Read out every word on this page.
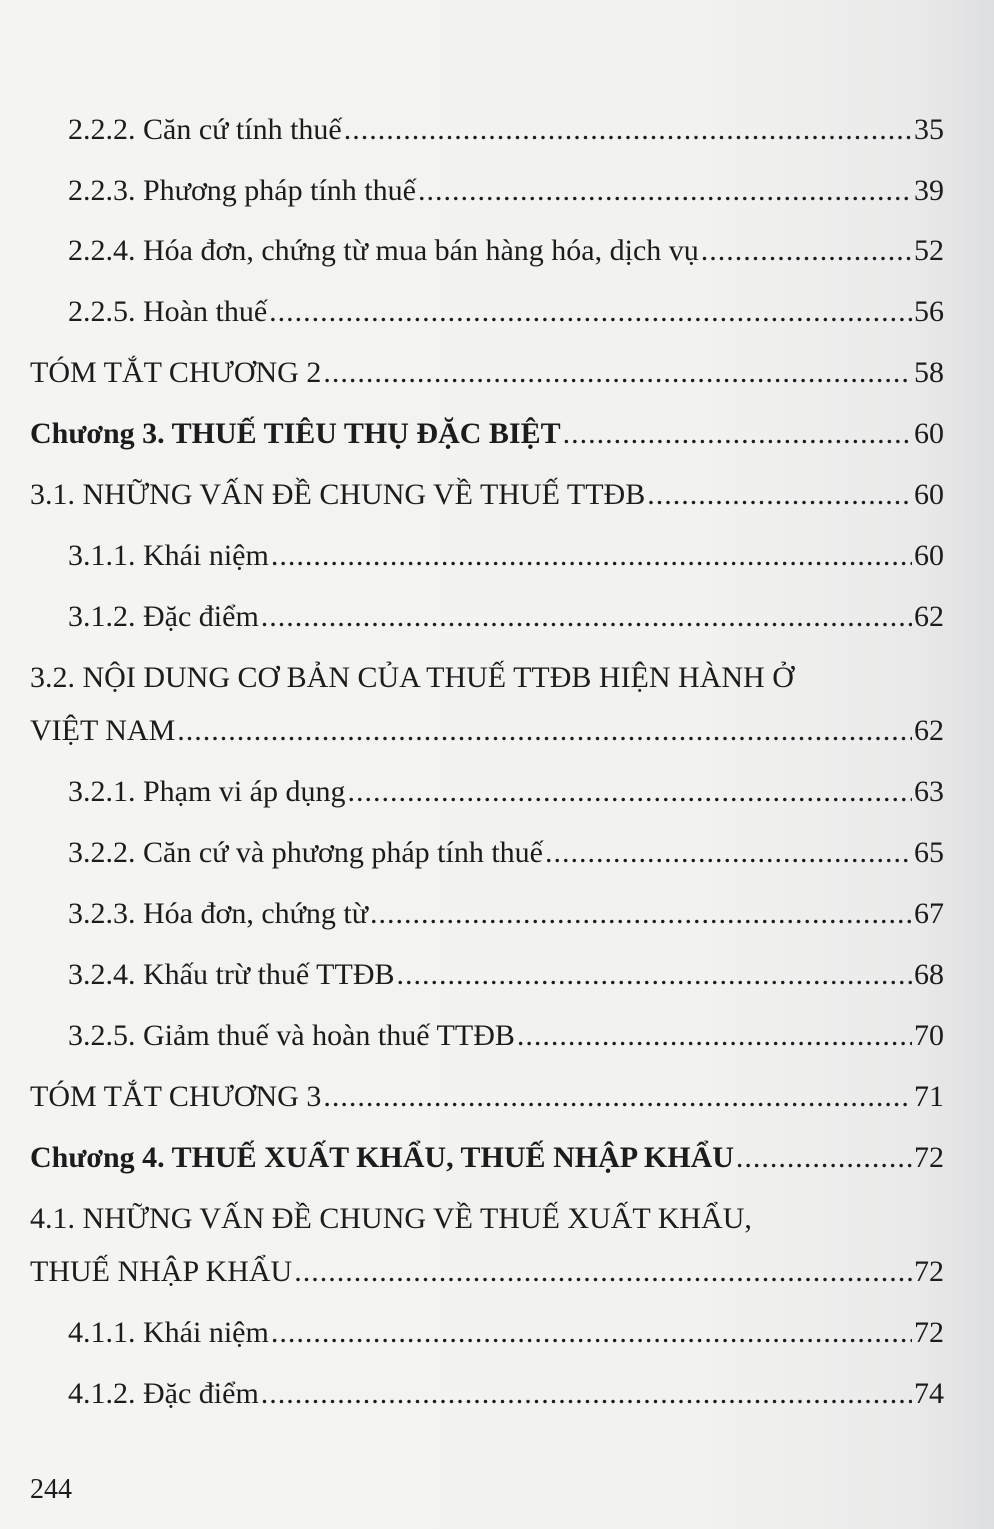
2.2.2. Căn cứ tính thuế .....	35
2.2.3. Phương pháp tính thuế .....	39
2.2.4. Hóa đơn, chứng từ mua bán hàng hóa, dịch vụ .....	52
2.2.5. Hoàn thuế .....	56
TÓM TẮT CHƯƠNG 2 .....	58
Chương 3. THUẾ TIÊU THỤ ĐẶC BIỆT .....	60
3.1. NHỮNG VẤN ĐỀ CHUNG VỀ THUẾ TTĐB .....	60
3.1.1. Khái niệm .....	60
3.1.2. Đặc điểm .....	62
3.2. NỘI DUNG CƠ BẢN CỦA THUẾ TTĐB HIỆN HÀNH Ở
VIỆT NAM .....	62
3.2.1. Phạm vi áp dụng .....	63
3.2.2. Căn cứ và phương pháp tính thuế .....	65
3.2.3. Hóa đơn, chứng từ .....	67
3.2.4. Khấu trừ thuế TTĐB .....	68
3.2.5. Giảm thuế và hoàn thuế TTĐB .....	70
TÓM TẮT CHƯƠNG 3 .....	71
Chương 4. THUẾ XUẤT KHẨU, THUẾ NHẬP KHẨU .....	72
4.1. NHỮNG VẤN ĐỀ CHUNG VỀ THUẾ XUẤT KHẨU,
THUẾ NHẬP KHẨU .....	72
4.1.1. Khái niệm .....	72
4.1.2. Đặc điểm .....	74
244
